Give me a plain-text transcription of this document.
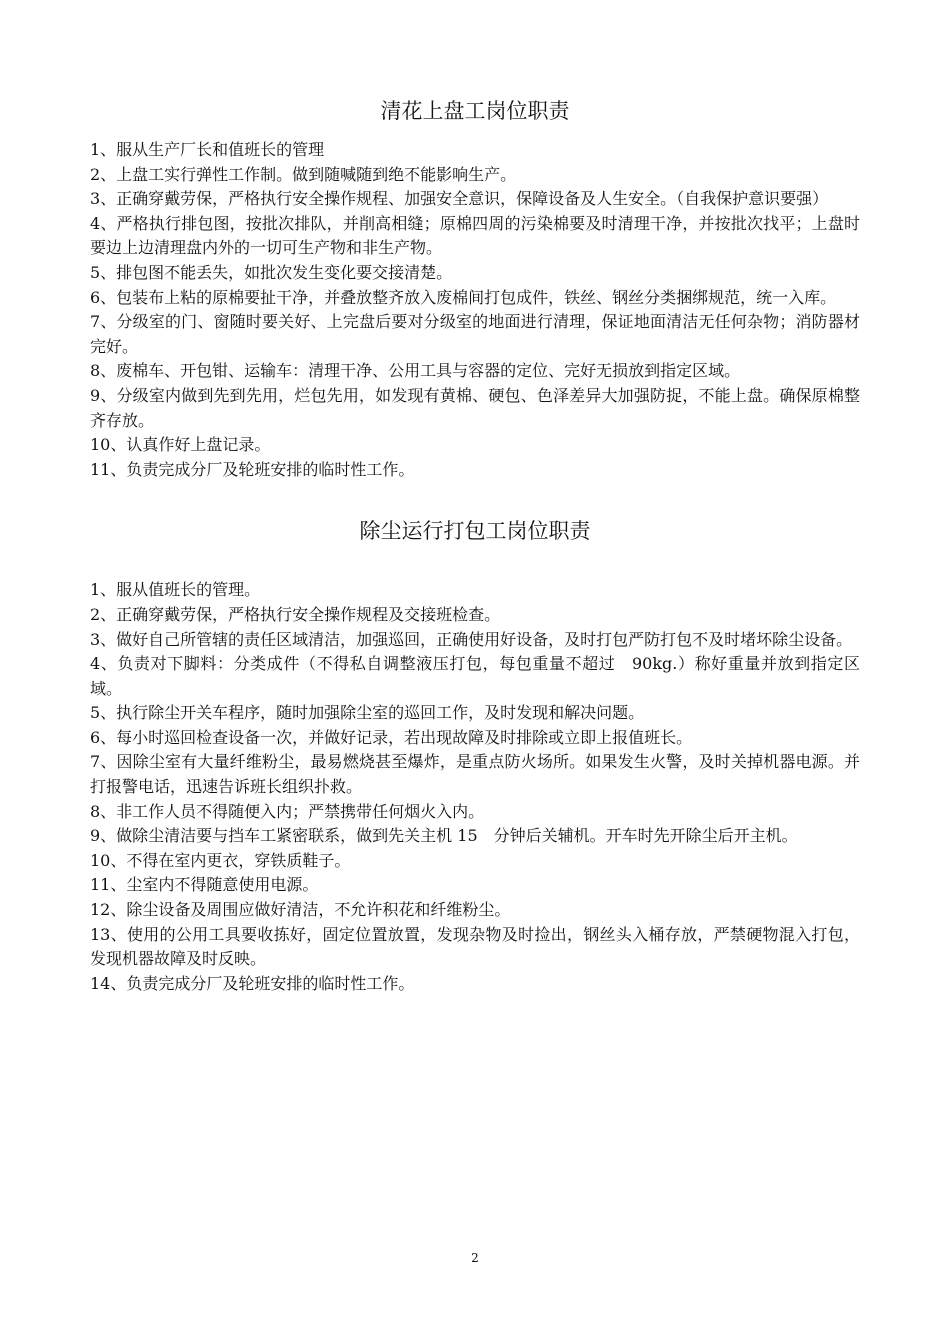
清花上盘工岗位职责
1、服从生产厂长和值班长的管理
2、上盘工实行弹性工作制。做到随喊随到绝不能影响生产。
3、正确穿戴劳保，严格执行安全操作规程、加强安全意识，保障设备及人生安全。（自我保护意识要强）
4、严格执行排包图，按批次排队，并削高相缝；原棉四周的污染棉要及时清理干净，并按批次找平；上盘时要边上边清理盘内外的一切可生产物和非生产物。
5、排包图不能丢失，如批次发生变化要交接清楚。
6、包装布上粘的原棉要扯干净，并叠放整齐放入废棉间打包成件，铁丝、钢丝分类捆绑规范，统一入库。
7、分级室的门、窗随时要关好、上完盘后要对分级室的地面进行清理，保证地面清洁无任何杂物；消防器材完好。
8、废棉车、开包钳、运输车：清理干净、公用工具与容器的定位、完好无损放到指定区域。
9、分级室内做到先到先用，烂包先用，如发现有黄棉、硬包、色泽差异大加强防捉，不能上盘。确保原棉整齐存放。
10、认真作好上盘记录。
11、负责完成分厂及轮班安排的临时性工作。
除尘运行打包工岗位职责
1、服从值班长的管理。
2、正确穿戴劳保，严格执行安全操作规程及交接班检查。
3、做好自己所管辖的责任区域清洁，加强巡回，正确使用好设备，及时打包严防打包不及时堵坏除尘设备。
4、负责对下脚料：分类成件（不得私自调整液压打包，每包重量不超过　90kg.）称好重量并放到指定区域。
5、执行除尘开关车程序，随时加强除尘室的巡回工作，及时发现和解决问题。
6、每小时巡回检查设备一次，并做好记录，若出现故障及时排除或立即上报值班长。
7、因除尘室有大量纤维粉尘，最易燃烧甚至爆炸，是重点防火场所。如果发生火警，及时关掉机器电源。并打报警电话，迅速告诉班长组织扑救。
8、非工作人员不得随便入内；严禁携带任何烟火入内。
9、做除尘清洁要与挡车工紧密联系，做到先关主机 15　分钟后关辅机。开车时先开除尘后开主机。
10、不得在室内更衣，穿铁质鞋子。
11、尘室内不得随意使用电源。
12、除尘设备及周围应做好清洁，不允许积花和纤维粉尘。
13、使用的公用工具要收拣好，固定位置放置，发现杂物及时捡出，钢丝头入桶存放，严禁硬物混入打包，发现机器故障及时反映。
14、负责完成分厂及轮班安排的临时性工作。
2
